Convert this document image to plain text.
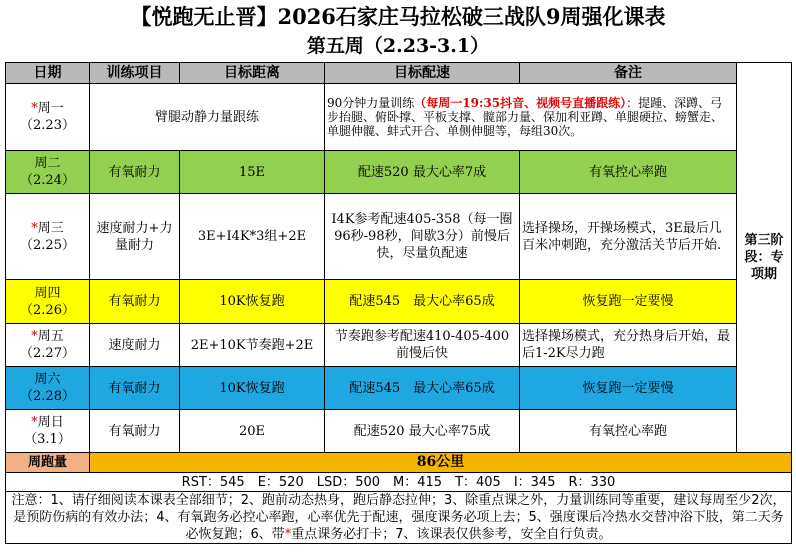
【悦跑无止晋】2026石家庄马拉松破三战队9周强化课表
第五周（2.23-3.1）
日期	训练项目	目标距离	目标配速	备注	第三阶段：专项期
*周一
（2.23）	臂腿动静力量跟练		90分钟力量训练（每周一19:35抖音、视频号直播跟练）：提踵、深蹲、弓步抬腿、俯卧撑、平板支撑、髋部力量、保加利亚蹲、单腿硬拉、螃蟹走、单腿伸髋、蚌式开合、单侧伸腿等，每组30次。		
周二
（2.24）	有氧耐力	15E	配速520 最大心率7成	有氧控心率跑	
*周三
（2.25）	速度耐力+力量耐力	3E+I4K*3组+2E	I4K参考配速405-358（每一圈96秒-98秒，间歇3分）前慢后快，尽量负配速	选择操场，开操场模式，3E最后几百米冲刺跑，充分激活关节后开始.	
周四
（2.26）	有氧耐力	10K恢复跑	配速545　最大心率65成	恢复跑一定要慢	
*周五
（2.27）	速度耐力	2E+10K节奏跑+2E	节奏跑参考配速410-405-400 前慢后快	选择操场模式，充分热身后开始，最后1-2K尽力跑	
周六
（2.28）	有氧耐力	10K恢复跑	配速545　最大心率65成	恢复跑一定要慢	
*周日
（3.1）	有氧耐力	20E	配速520 最大心率75成	有氧控心率跑	
周跑量	86公里				
RST：545　E：520　LSD：500　M：415　T：405　I：345　R：330					
注意：1、请仔细阅读本课表全部细节；2、跑前动态热身，跑后静态拉伸；3、除重点课之外，力量训练同等重要，建议每周至少2次，是预防伤病的有效办法；4、有氧跑务必控心率跑，心率优先于配速，强度课务必项上去；5、强度课后冷热水交替冲浴下肢，第二天务必恢复跑；6、带*重点课务必打卡；7、该课表仅供参考，安全自行负责。					
